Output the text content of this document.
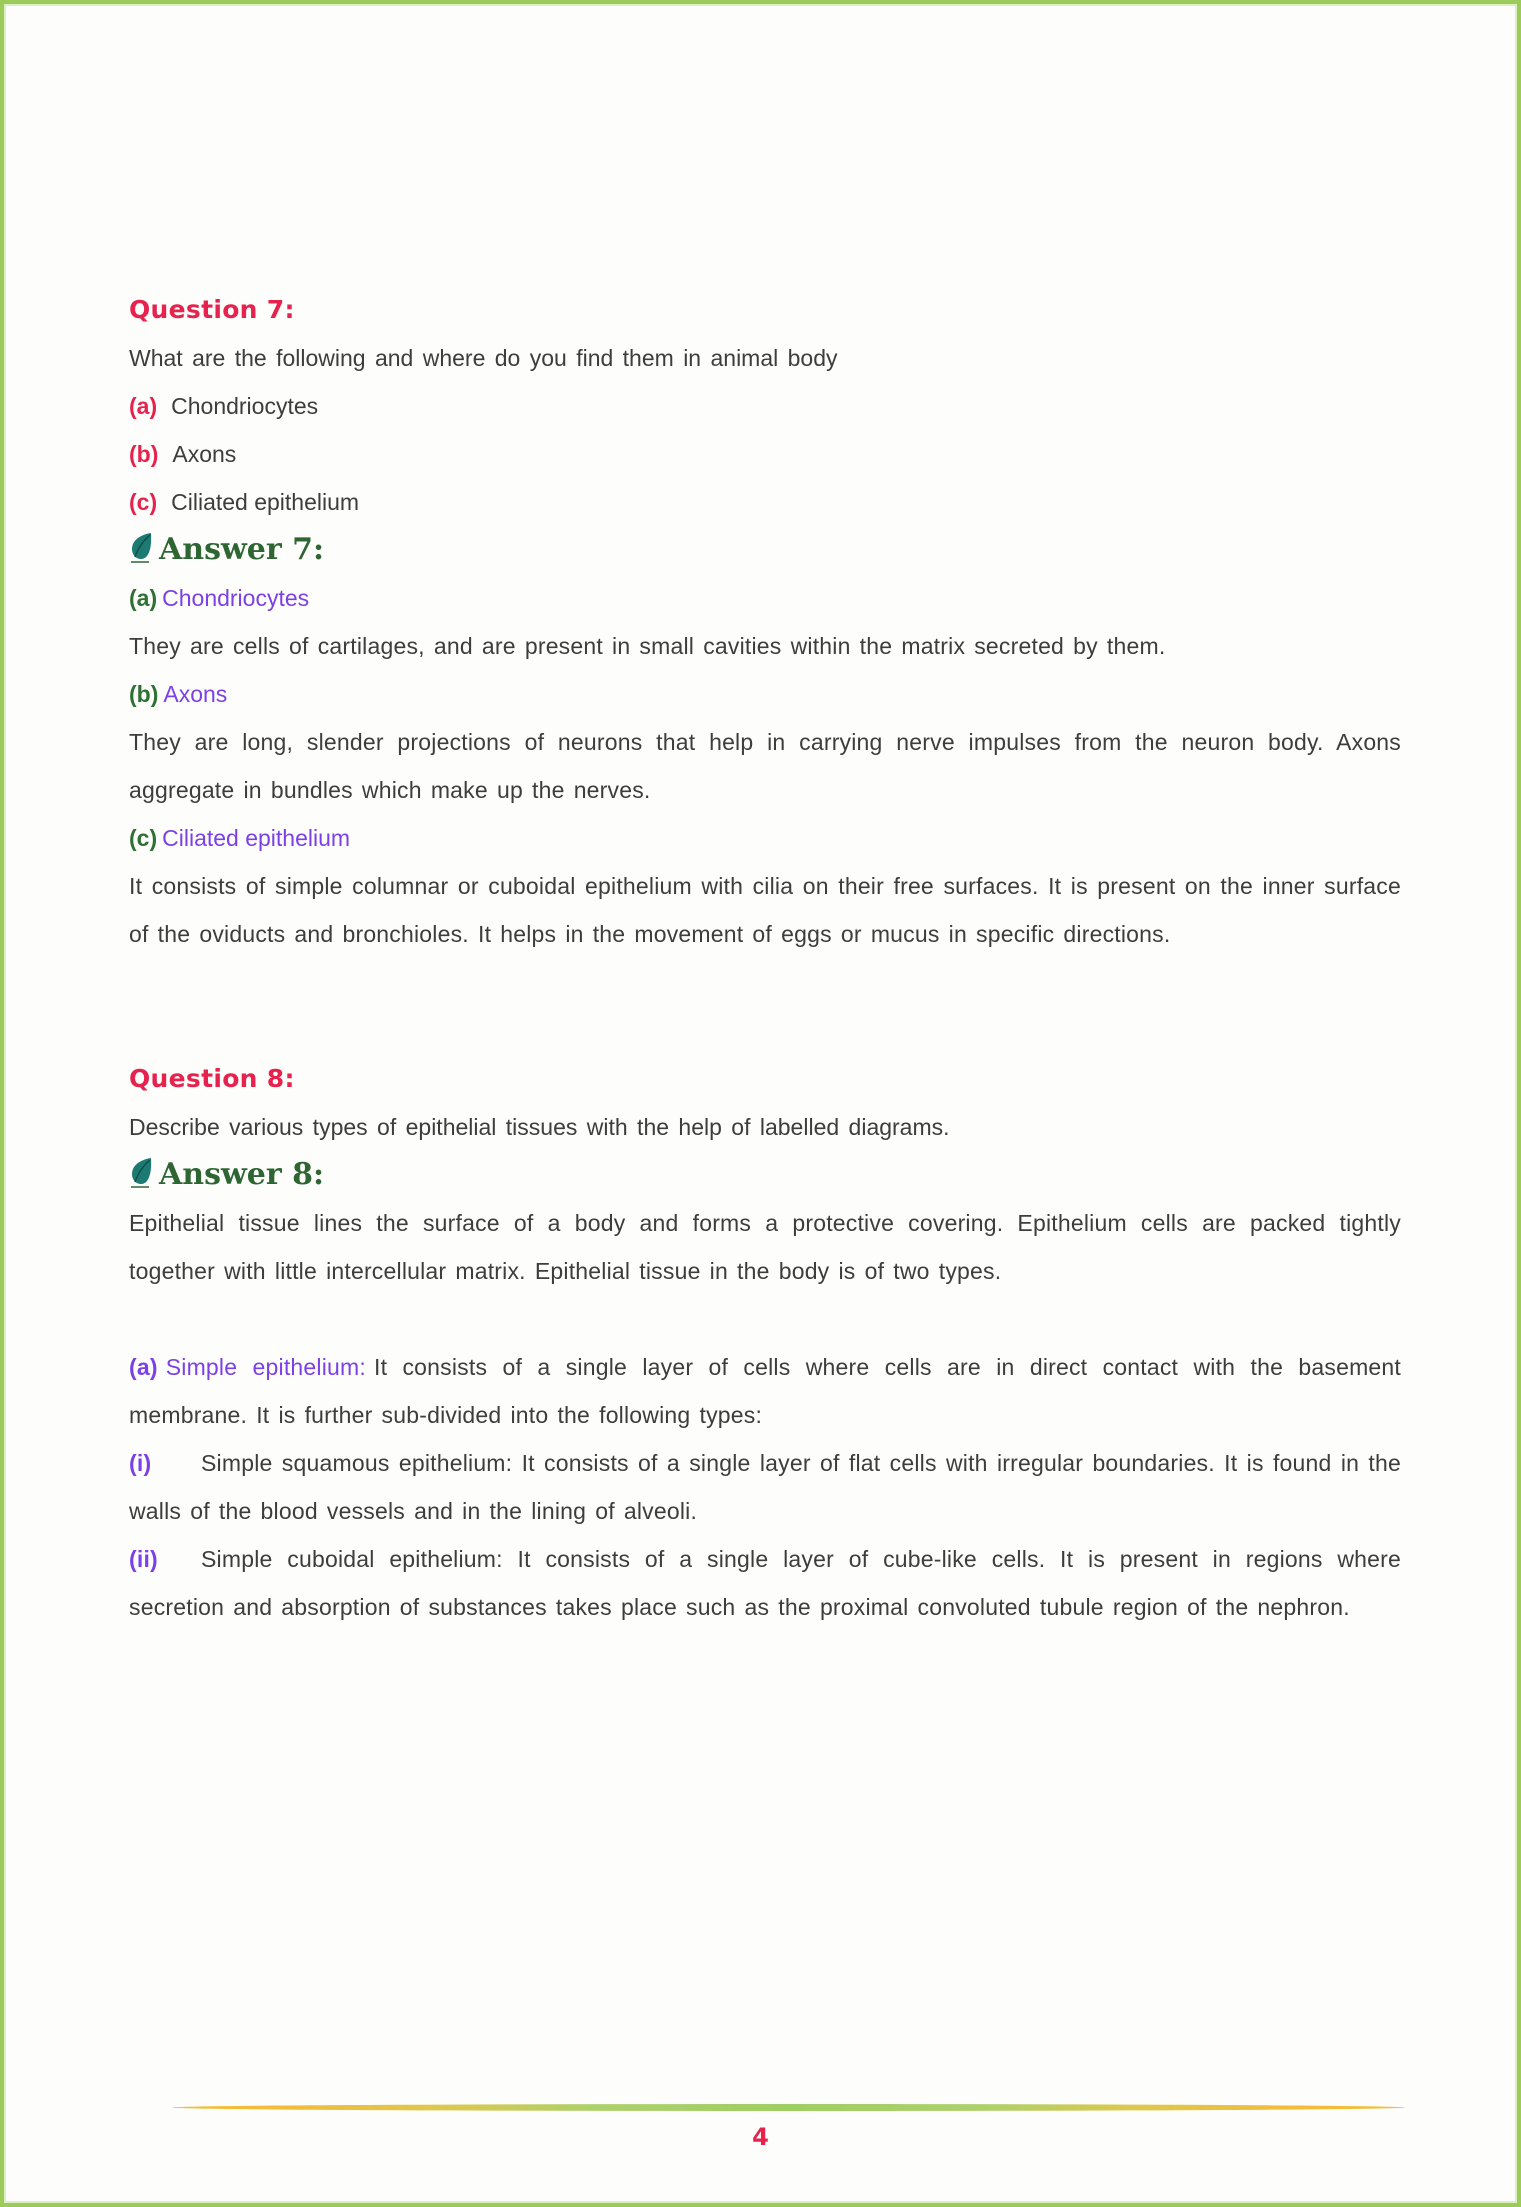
Question 7:

What are the following and where do you find them in animal body

(a) Chondriocytes
(b) Axons
(c) Ciliated epithelium
Answer 7:

(a) Chondriocytes

They are cells of cartilages, and are present in small cavities within the matrix secreted by them.

(b) Axons

They are long, slender projections of neurons that help in carrying nerve impulses from the neuron body. Axons aggregate in bundles which make up the nerves.

(c) Ciliated epithelium

It consists of simple columnar or cuboidal epithelium with cilia on their free surfaces. It is present on the inner surface of the oviducts and bronchioles. It helps in the movement of eggs or mucus in specific directions.

Question 8:

Describe various types of epithelial tissues with the help of labelled diagrams.

Answer 8:

Epithelial tissue lines the surface of a body and forms a protective covering. Epithelium cells are packed tightly together with little intercellular matrix. Epithelial tissue in the body is of two types.

(a) Simple epithelium: It consists of a single layer of cells where cells are in direct contact with the basement membrane. It is further sub-divided into the following types:

(i) Simple squamous epithelium: It consists of a single layer of flat cells with irregular boundaries. It is found in the walls of the blood vessels and in the lining of alveoli.

(ii) Simple cuboidal epithelium: It consists of a single layer of cube-like cells. It is present in regions where secretion and absorption of substances takes place such as the proximal convoluted tubule region of the nephron.

4
